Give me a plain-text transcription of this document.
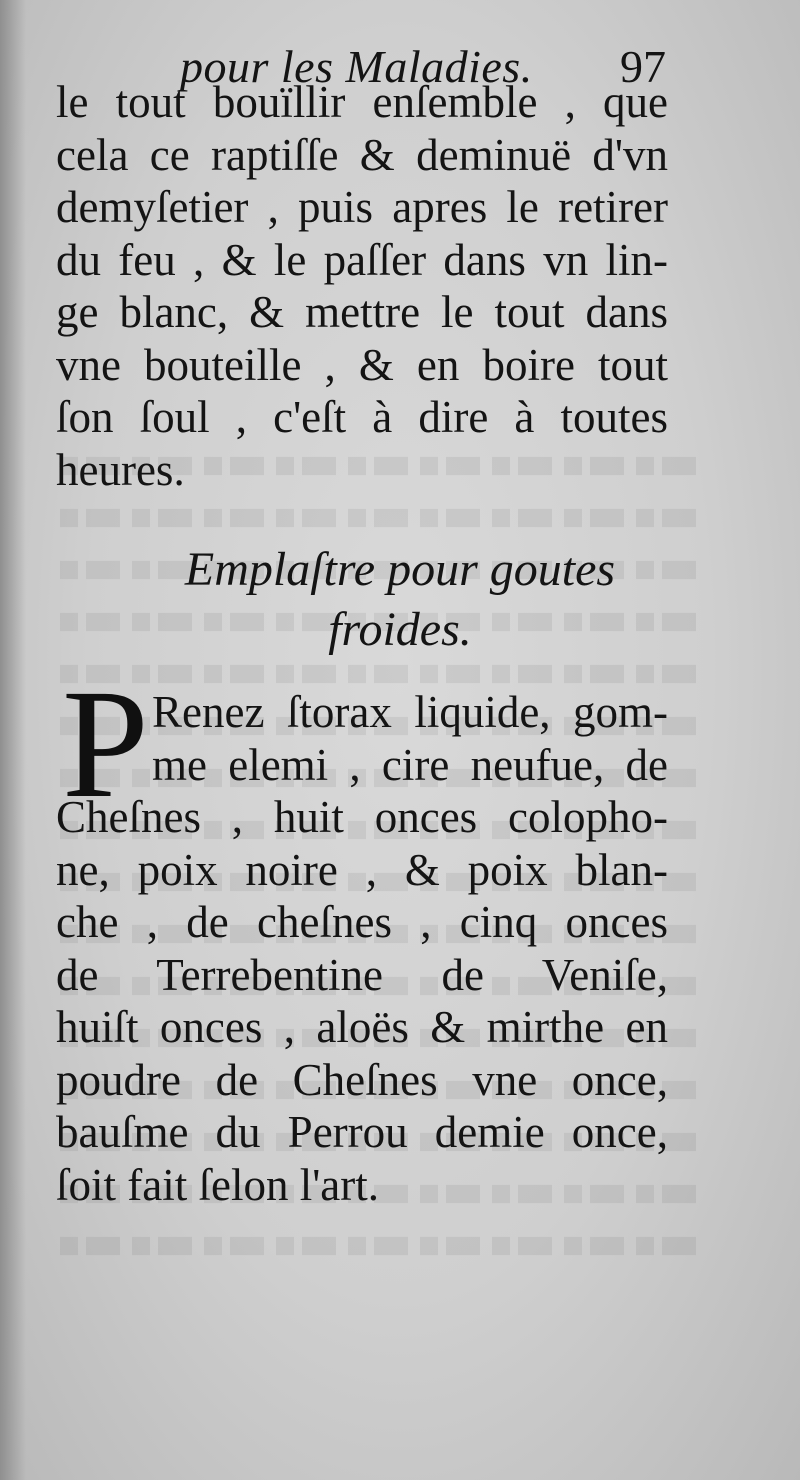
pour les Maladies. 97
le tout bouïllir enſemble , que
cela ce raptiſſe & deminuë d'vn
demyſetier , puis apres le retirer
du feu , & le paſſer dans vn lin-
ge blanc, & mettre le tout dans
vne bouteille , & en boire tout
ſon ſoul , c'eſt à dire à toutes
heures.
Emplaſtre pour goutes
froides.
P Renez ſtorax liquide, gom-
me elemi , cire neufue, de
Cheſnes , huit onces colopho-
ne, poix noire , & poix blan-
che , de cheſnes , cinq onces
de Terrebentine de Veniſe,
huiſt onces , aloës & mirthe en
poudre de Cheſnes vne once,
bauſme du Perrou demie once,
ſoit fait ſelon l'art.
